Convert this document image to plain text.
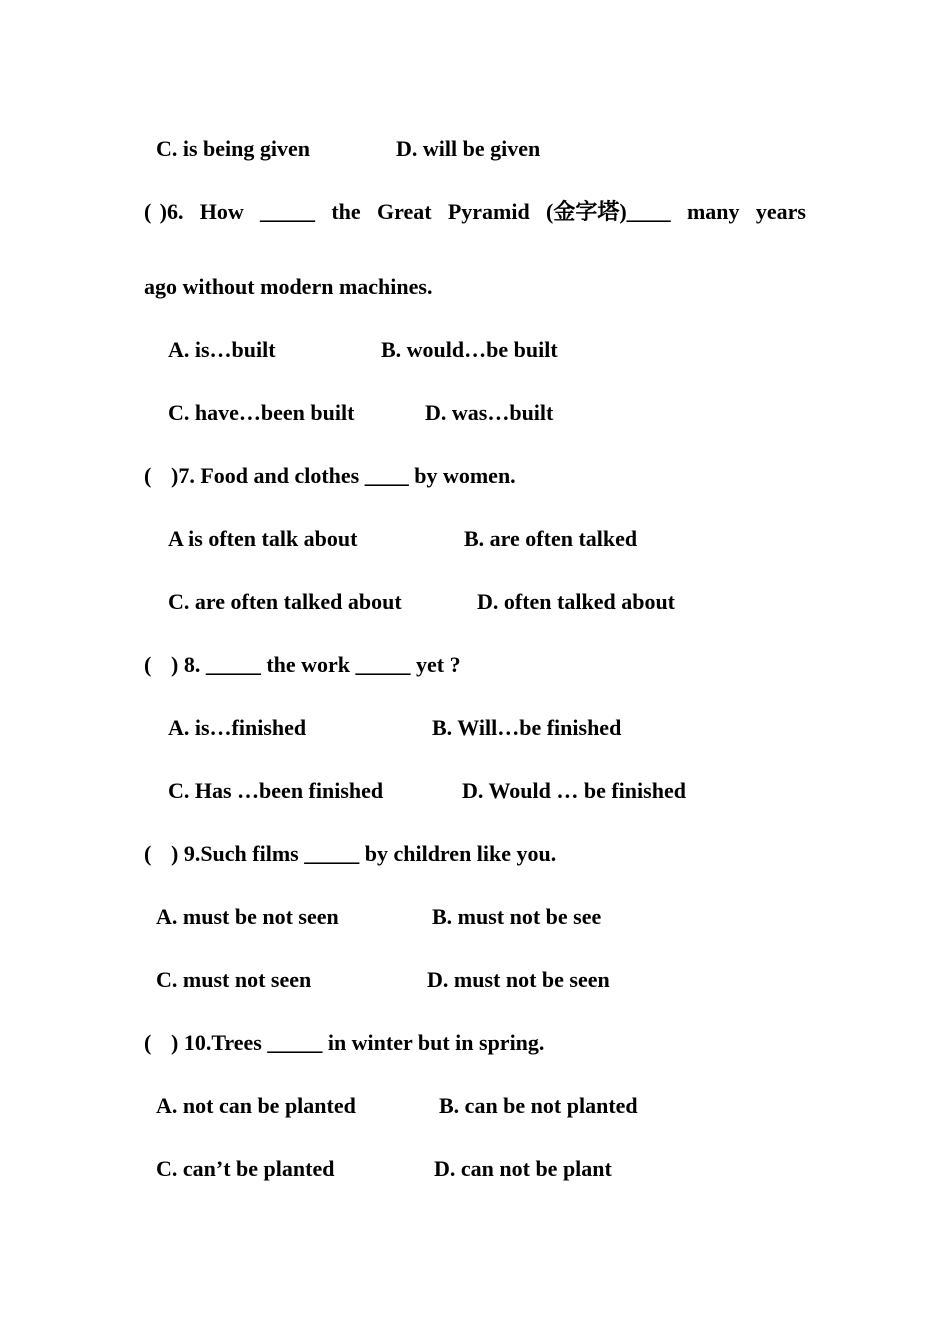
C. is being given	D. will be given
( )6. How _____ the Great Pyramid (金字塔)____ many years
ago without modern machines.
A. is…built	B. would…be built
C. have…been built	D. was…built
( )7. Food and clothes ____ by women.
A is often talk about	B. are often talked
C. are often talked about	D. often talked about
( ) 8. _____ the work _____ yet ?
A. is…finished	B. Will…be finished
C. Has …been finished	D. Would … be finished
( ) 9.Such films _____ by children like you.
A. must be not seen	B. must not be see
C. must not seen	D. must not be seen
( ) 10.Trees _____ in winter but in spring.
A. not can be planted	B. can be not planted
C. can’t be planted	D. can not be plant
